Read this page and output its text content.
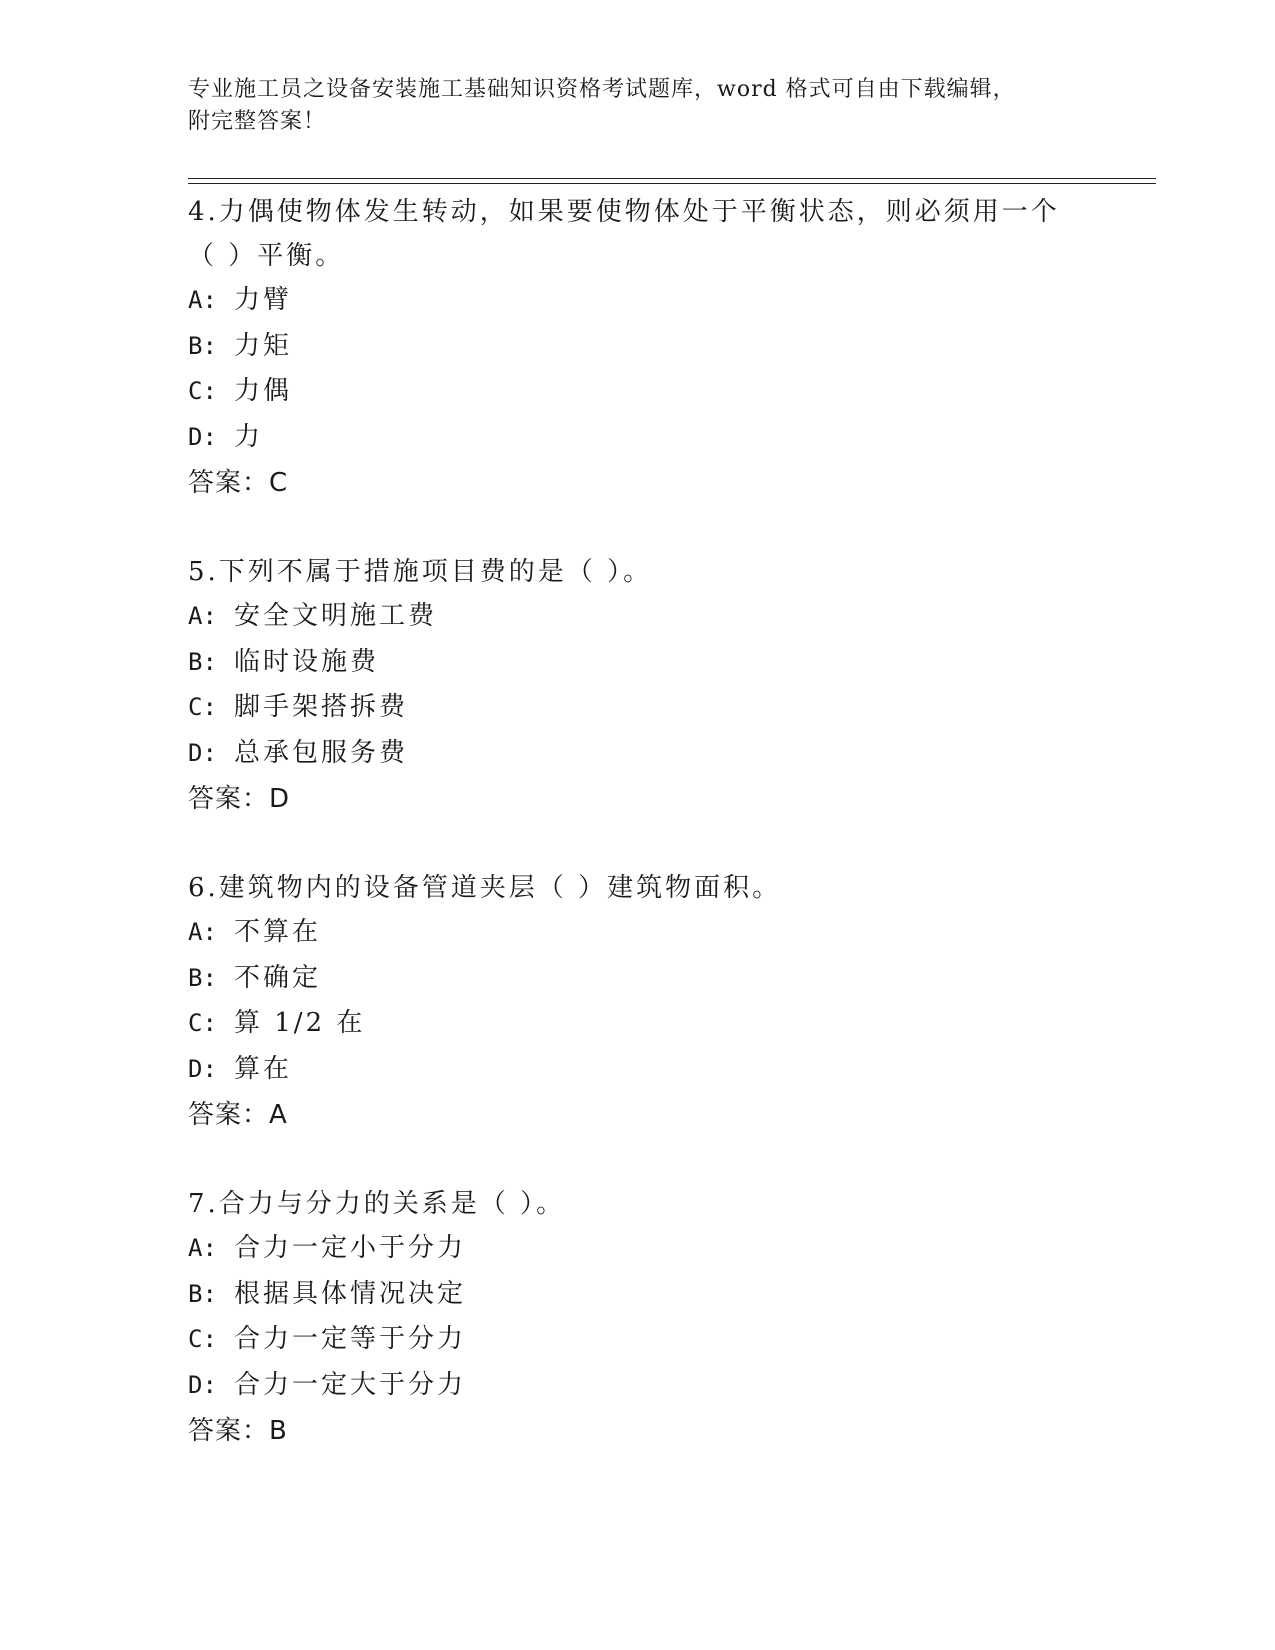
专业施工员之设备安装施工基础知识资格考试题库，word 格式可自由下载编辑，
附完整答案！
4.力偶使物体发生转动，如果要使物体处于平衡状态，则必须用一个
（ ）平衡。
A: 力臂
B: 力矩
C: 力偶
D: 力
答案：C
5.下列不属于措施项目费的是（ ）。
A: 安全文明施工费
B: 临时设施费
C: 脚手架搭拆费
D: 总承包服务费
答案：D
6.建筑物内的设备管道夹层（ ）建筑物面积。
A: 不算在
B: 不确定
C: 算 1/2 在
D: 算在
答案：A
7.合力与分力的关系是（ ）。
A: 合力一定小于分力
B: 根据具体情况决定
C: 合力一定等于分力
D: 合力一定大于分力
答案：B
